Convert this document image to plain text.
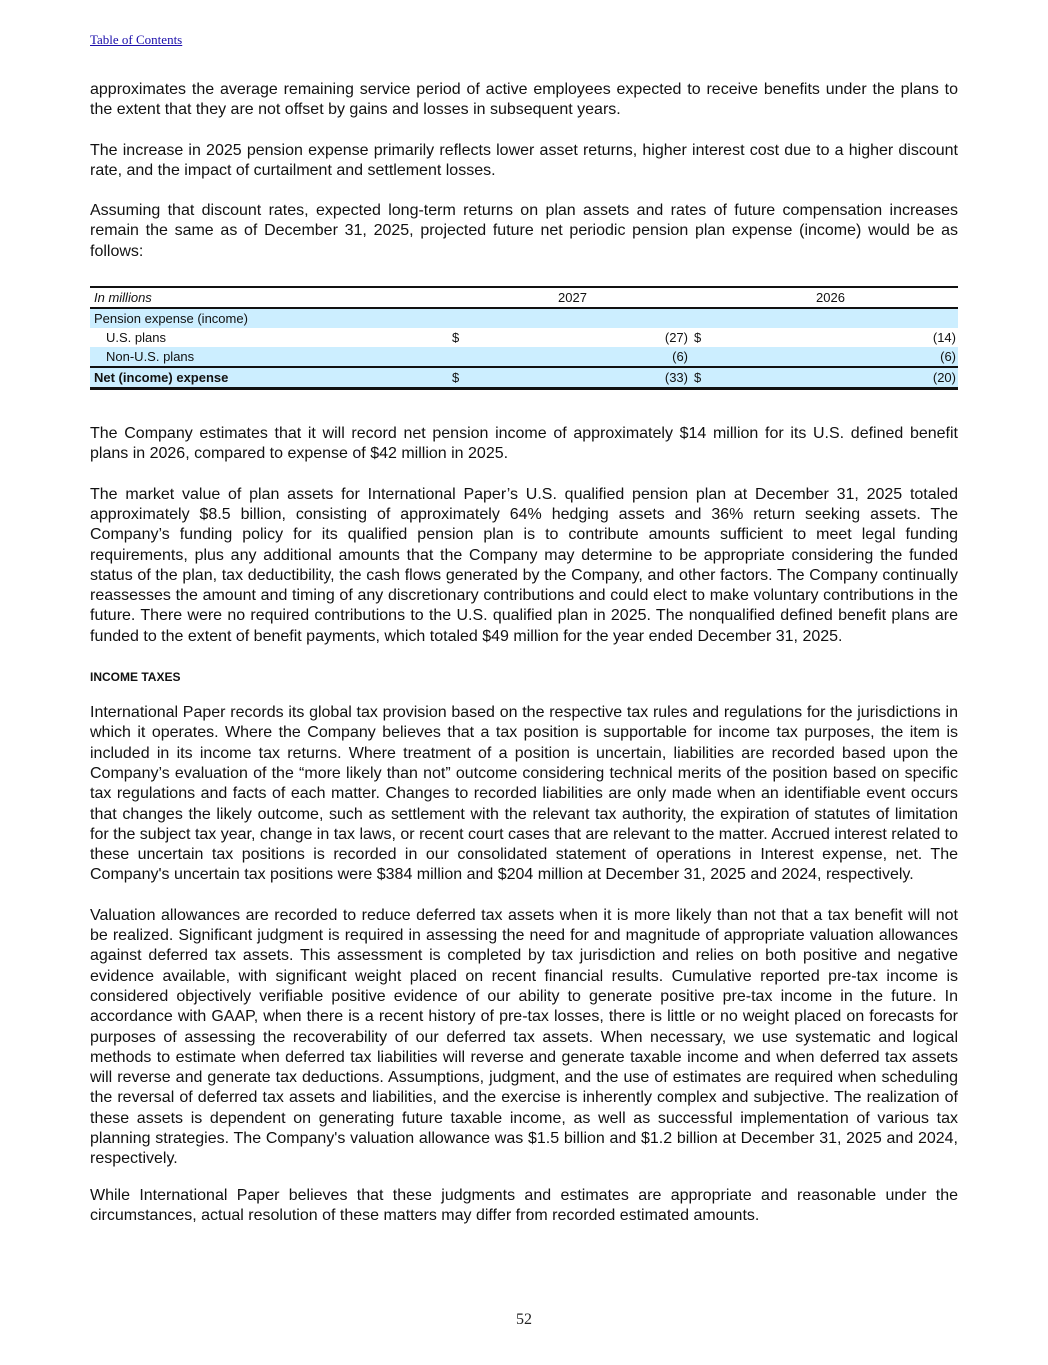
Table of Contents

approximates the average remaining service period of active employees expected to receive benefits under the plans to the extent that they are not offset by gains and losses in subsequent years.

The increase in 2025 pension expense primarily reflects lower asset returns, higher interest cost due to a higher discount rate, and the impact of curtailment and settlement losses.

Assuming that discount rates, expected long-term returns on plan assets and rates of future compensation increases remain the same as of December 31, 2025, projected future net periodic pension plan expense (income) would be as follows:

In millions		2027		2026
Pension expense (income)				
U.S. plans	$	(27)	$	(14)
Non-U.S. plans		(6)		(6)
Net (income) expense	$	(33)	$	(20)

The Company estimates that it will record net pension income of approximately $14 million for its U.S. defined benefit plans in 2026, compared to expense of $42 million in 2025.

The market value of plan assets for International Paper’s U.S. qualified pension plan at December 31, 2025 totaled approximately $8.5 billion, consisting of approximately 64% hedging assets and 36% return seeking assets. The Company’s funding policy for its qualified pension plan is to contribute amounts sufficient to meet legal funding requirements, plus any additional amounts that the Company may determine to be appropriate considering the funded status of the plan, tax deductibility, the cash flows generated by the Company, and other factors. The Company continually reassesses the amount and timing of any discretionary contributions and could elect to make voluntary contributions in the future. There were no required contributions to the U.S. qualified plan in 2025. The nonqualified defined benefit plans are funded to the extent of benefit payments, which totaled $49 million for the year ended December 31, 2025.

INCOME TAXES

International Paper records its global tax provision based on the respective tax rules and regulations for the jurisdictions in which it operates. Where the Company believes that a tax position is supportable for income tax purposes, the item is included in its income tax returns. Where treatment of a position is uncertain, liabilities are recorded based upon the Company’s evaluation of the “more likely than not” outcome considering technical merits of the position based on specific tax regulations and facts of each matter. Changes to recorded liabilities are only made when an identifiable event occurs that changes the likely outcome, such as settlement with the relevant tax authority, the expiration of statutes of limitation for the subject tax year, change in tax laws, or recent court cases that are relevant to the matter. Accrued interest related to these uncertain tax positions is recorded in our consolidated statement of operations in Interest expense, net. The Company's uncertain tax positions were $384 million and $204 million at December 31, 2025 and 2024, respectively.

Valuation allowances are recorded to reduce deferred tax assets when it is more likely than not that a tax benefit will not be realized. Significant judgment is required in assessing the need for and magnitude of appropriate valuation allowances against deferred tax assets. This assessment is completed by tax jurisdiction and relies on both positive and negative evidence available, with significant weight placed on recent financial results. Cumulative reported pre-tax income is considered objectively verifiable positive evidence of our ability to generate positive pre-tax income in the future. In accordance with GAAP, when there is a recent history of pre-tax losses, there is little or no weight placed on forecasts for purposes of assessing the recoverability of our deferred tax assets. When necessary, we use systematic and logical methods to estimate when deferred tax liabilities will reverse and generate taxable income and when deferred tax assets will reverse and generate tax deductions. Assumptions, judgment, and the use of estimates are required when scheduling the reversal of deferred tax assets and liabilities, and the exercise is inherently complex and subjective. The realization of these assets is dependent on generating future taxable income, as well as successful implementation of various tax planning strategies. The Company's valuation allowance was $1.5 billion and $1.2 billion at December 31, 2025 and 2024, respectively.

While International Paper believes that these judgments and estimates are appropriate and reasonable under the circumstances, actual resolution of these matters may differ from recorded estimated amounts.

52
